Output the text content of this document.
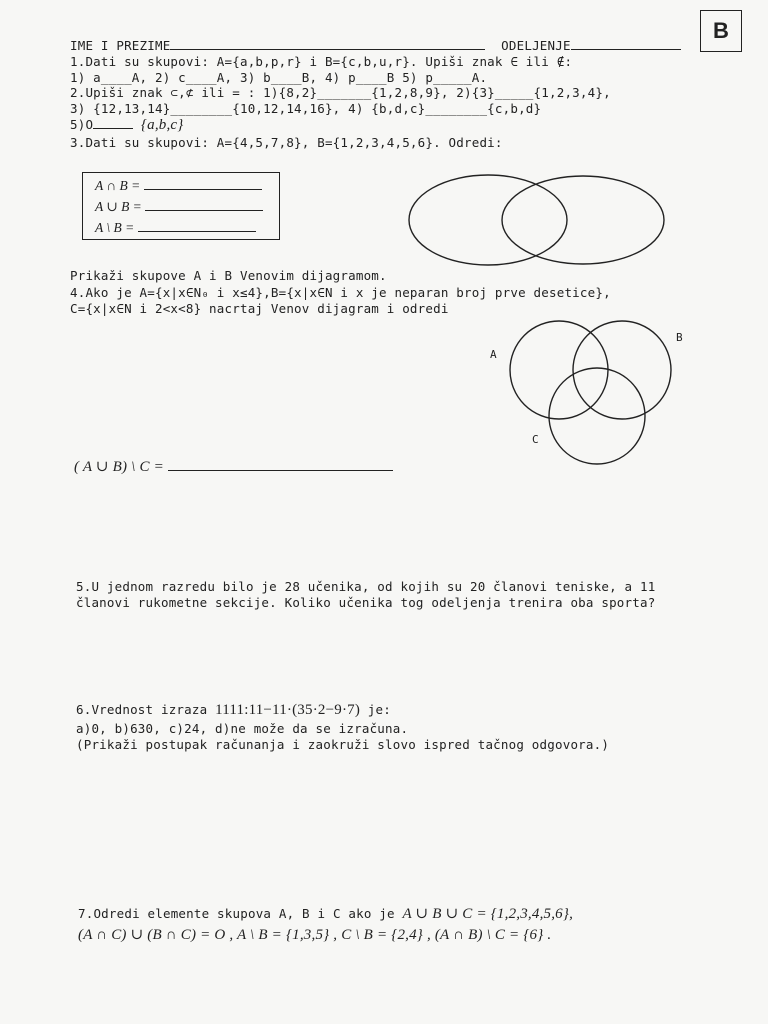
B
IME I PREZIME	ODELJENJE
1.Dati su skupovi: A={a,b,p,r} i B={c,b,u,r}. Upiši znak ∈ ili ∉:
1) a____A, 2) c____A, 3) b____B, 4) p____B 5) p_____A.
2.Upiši znak ⊂,⊄ ili = : 1){8,2}_______{1,2,8,9}, 2){3}_____{1,2,3,4},
3) {12,13,14}________{10,12,14,16}, 4) {b,d,c}________{c,b,d}
5)O	{a,b,c}
3.Dati su skupovi: A={4,5,7,8}, B={1,2,3,4,5,6}. Odredi:
A ∩ B =
A ∪ B =
A \ B =
Prikaži skupove A i B Venovim dijagramom.
4.Ako je A={x|x∈N₀ i x≤4},B={x|x∈N i x je neparan broj prve desetice},
C={x|x∈N i 2<x<8} nacrtaj Venov dijagram i odredi
A
B
C
( A ∪ B) \ C =
5.U jednom razredu bilo je 28 učenika, od kojih su 20 članovi teniske, a 11
članovi rukometne sekcije. Koliko učenika tog odeljenja trenira oba sporta?
6.Vrednost izraza 1111:11−11·(35·2−9·7) je:
a)0, b)630, c)24, d)ne može da se izračuna.
(Prikaži postupak računanja i zaokruži slovo ispred tačnog odgovora.)
7.Odredi elemente skupova A, B i C ako je A ∪ B ∪ C = {1,2,3,4,5,6},
(A ∩ C) ∪ (B ∩ C) = O , A \ B = {1,3,5} , C \ B = {2,4} , (A ∩ B) \ C = {6} .
